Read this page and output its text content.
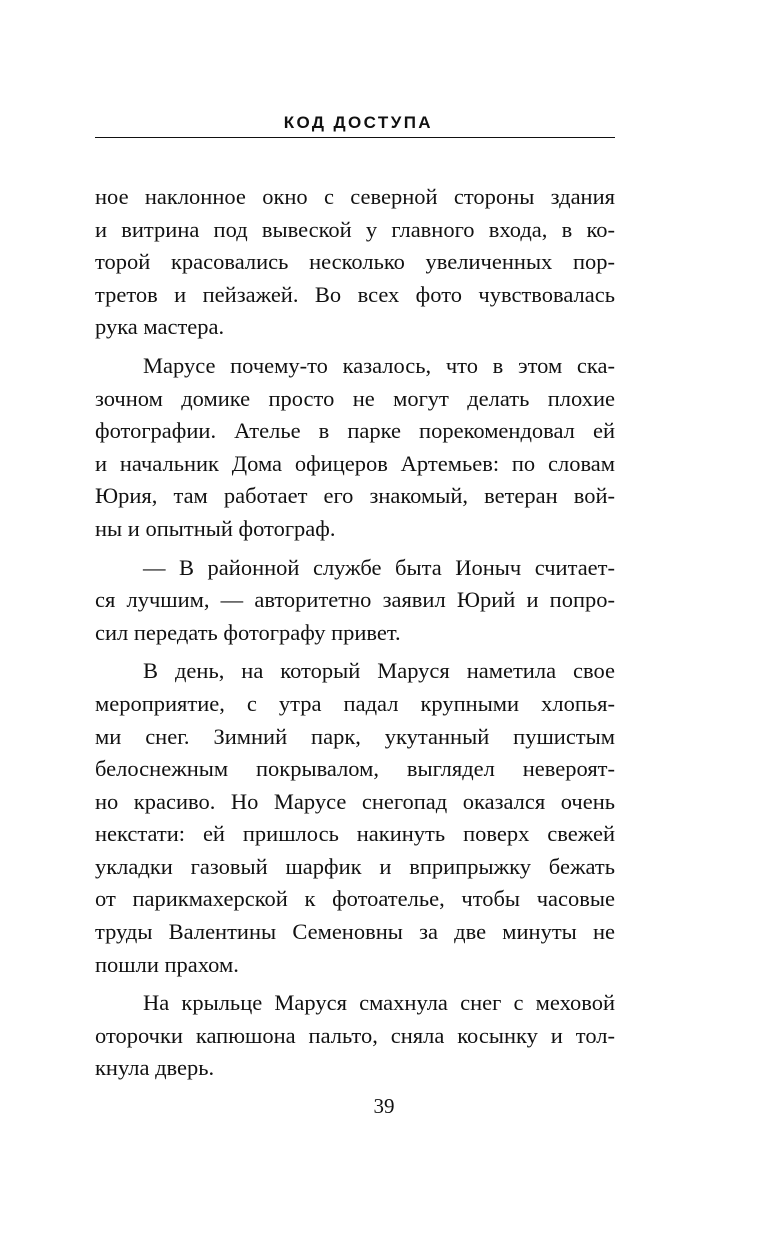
КОД ДОСТУПА
ное наклонное окно с северной стороны здания
и витрина под вывеской у главного входа, в ко-
торой красовались несколько увеличенных пор-
третов и пейзажей. Во всех фото чувствовалась
рука мастера.
Марусе почему-то казалось, что в этом ска-
зочном домике просто не могут делать плохие
фотографии. Ателье в парке порекомендовал ей
и начальник Дома офицеров Артемьев: по словам
Юрия, там работает его знакомый, ветеран вой-
ны и опытный фотограф.
— В районной службе быта Ионыч считает-
ся лучшим, — авторитетно заявил Юрий и попро-
сил передать фотографу привет.
В день, на который Маруся наметила свое
мероприятие, с утра падал крупными хлопья-
ми снег. Зимний парк, укутанный пушистым
белоснежным покрывалом, выглядел невероят-
но красиво. Но Марусе снегопад оказался очень
некстати: ей пришлось накинуть поверх свежей
укладки газовый шарфик и вприпрыжку бежать
от парикмахерской к фотоателье, чтобы часовые
труды Валентины Семеновны за две минуты не
пошли прахом.
На крыльце Маруся смахнула снег с меховой
оторочки капюшона пальто, сняла косынку и тол-
кнула дверь.
39
